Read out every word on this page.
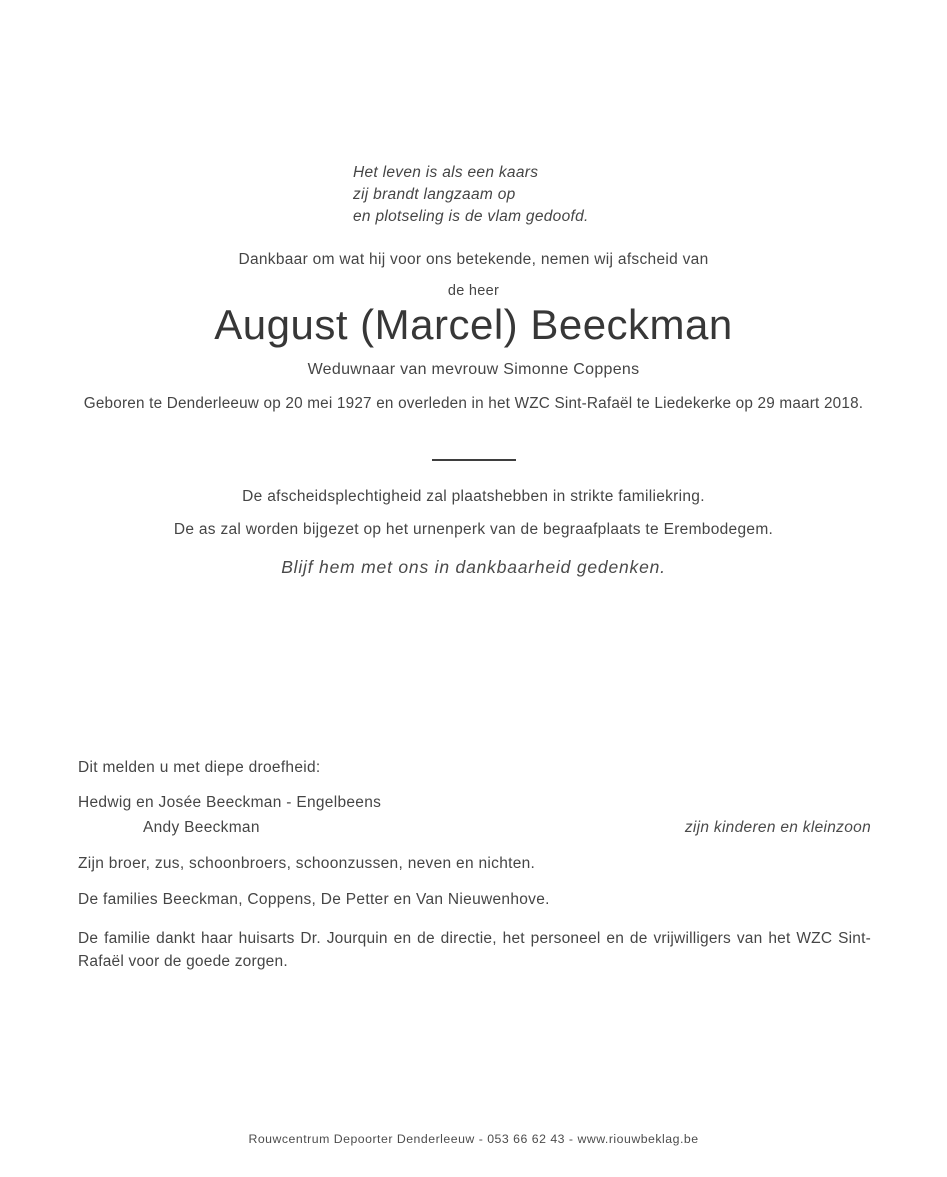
Het leven is als een kaars
zij brandt langzaam op
en plotseling is de vlam gedoofd.
Dankbaar om wat hij voor ons betekende, nemen wij afscheid van
de heer
August (Marcel) Beeckman
Weduwnaar van mevrouw Simonne Coppens
Geboren te Denderleeuw op 20 mei 1927 en overleden in het WZC Sint-Rafaël te Liedekerke op 29 maart 2018.
De afscheidsplechtigheid zal plaatshebben in strikte familiekring.
De as zal worden bijgezet op het urnenperk van de begraafplaats te Erembodegem.
Blijf hem met ons in dankbaarheid gedenken.
Dit melden u met diepe droefheid:
Hedwig en Josée Beeckman - Engelbeens
Andy Beeckman	zijn kinderen en kleinzoon
Zijn broer, zus, schoonbroers, schoonzussen, neven en nichten.
De families Beeckman, Coppens, De Petter en Van Nieuwenhove.
De familie dankt haar huisarts Dr. Jourquin en de directie, het personeel en de vrijwilligers van het WZC Sint-Rafaël voor de goede zorgen.
Rouwcentrum Depoorter Denderleeuw - 053 66 62 43 - www.riouwbeklag.be
